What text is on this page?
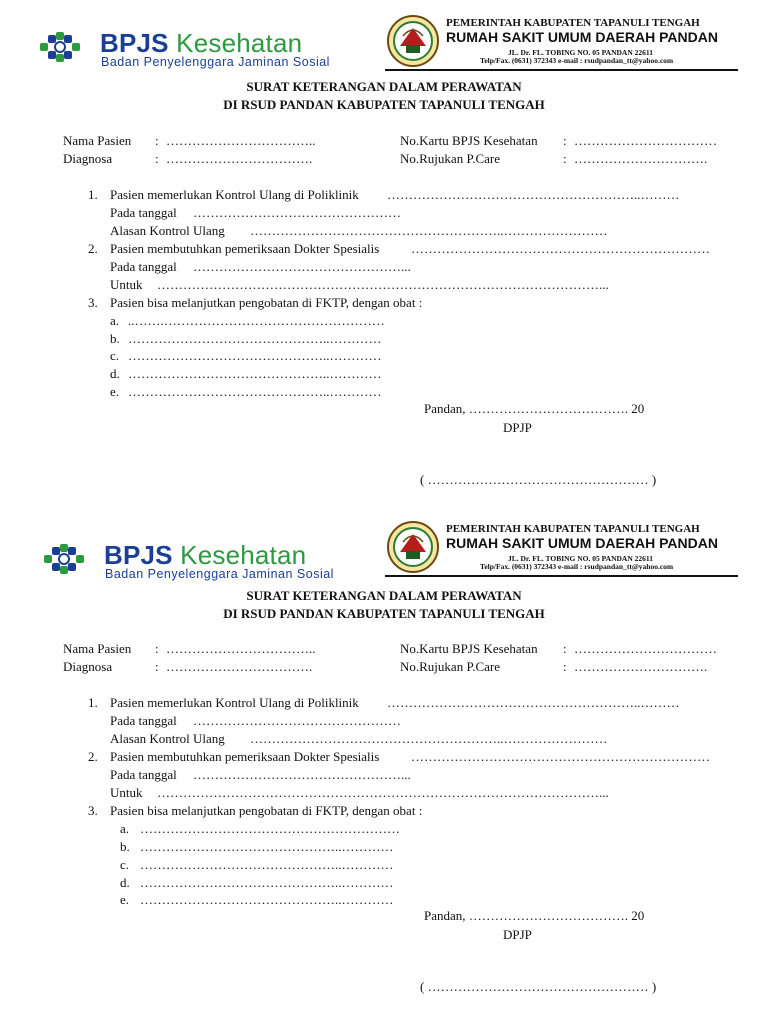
BPJS Kesehatan
Badan Penyelenggara Jaminan Sosial
PEMERINTAH KABUPATEN TAPANULI TENGAH
RUMAH SAKIT UMUM DAERAH PANDAN
JL. Dr. FL. TOBING NO. 05 PANDAN 22611
Telp/Fax. (0631) 372343 e-mail : rsudpandan_tt@yahoo.com
SURAT KETERANGAN DALAM PERAWATAN
DI RSUD PANDAN KABUPATEN TAPANULI TENGAH
Nama Pasien : ……………………………..
Diagnosa	: …………………………….
No.Kartu BPJS Kesehatan : ……………………………
No.Rujukan P.Care	: ………………………….
1. Pasien memerlukan Kontrol Ulang di Poliklinik …………………………………………………..………
Pada tanggal …………………………………………
Alasan Kontrol Ulang …………………………………………………..……………………
2. Pasien membutuhkan pemeriksaan Dokter Spesialis ……………………………………………………………
Pada tanggal …………………………………………...
Untuk …………………………………………………………………………………………...
3. Pasien bisa melanjutkan pengobatan di FKTP, dengan obat :
a. ..…….……………………………………………
b. ………………………………………..…………
c. ………………………………………..…………
d. ………………………………………..…………
e. ………………………………………..…………
Pandan, ………………………………. 20
DPJP
( …………………………………………… )
BPJS Kesehatan
Badan Penyelenggara Jaminan Sosial
PEMERINTAH KABUPATEN TAPANULI TENGAH
RUMAH SAKIT UMUM DAERAH PANDAN
JL. Dr. FL. TOBING NO. 05 PANDAN 22611
Telp/Fax. (0631) 372343 e-mail : rsudpandan_tt@yahoo.com
SURAT KETERANGAN DALAM PERAWATAN
DI RSUD PANDAN KABUPATEN TAPANULI TENGAH
Nama Pasien : ……………………………..
Diagnosa	: …………………………….
No.Kartu BPJS Kesehatan : ……………………………
No.Rujukan P.Care	: ………………………….
1. Pasien memerlukan Kontrol Ulang di Poliklinik …………………………………………………..………
Pada tanggal …………………………………………
Alasan Kontrol Ulang …………………………………………………..……………………
2. Pasien membutuhkan pemeriksaan Dokter Spesialis ……………………………………………………………
Pada tanggal …………………………………………...
Untuk …………………………………………………………………………………………...
3. Pasien bisa melanjutkan pengobatan di FKTP, dengan obat :
a. ……………………………………………………
b. ………………………………………..…………
c. ………………………………………..…………
d. ………………………………………..…………
e. ………………………………………..…………
Pandan, ………………………………. 20
DPJP
( …………………………………………… )
